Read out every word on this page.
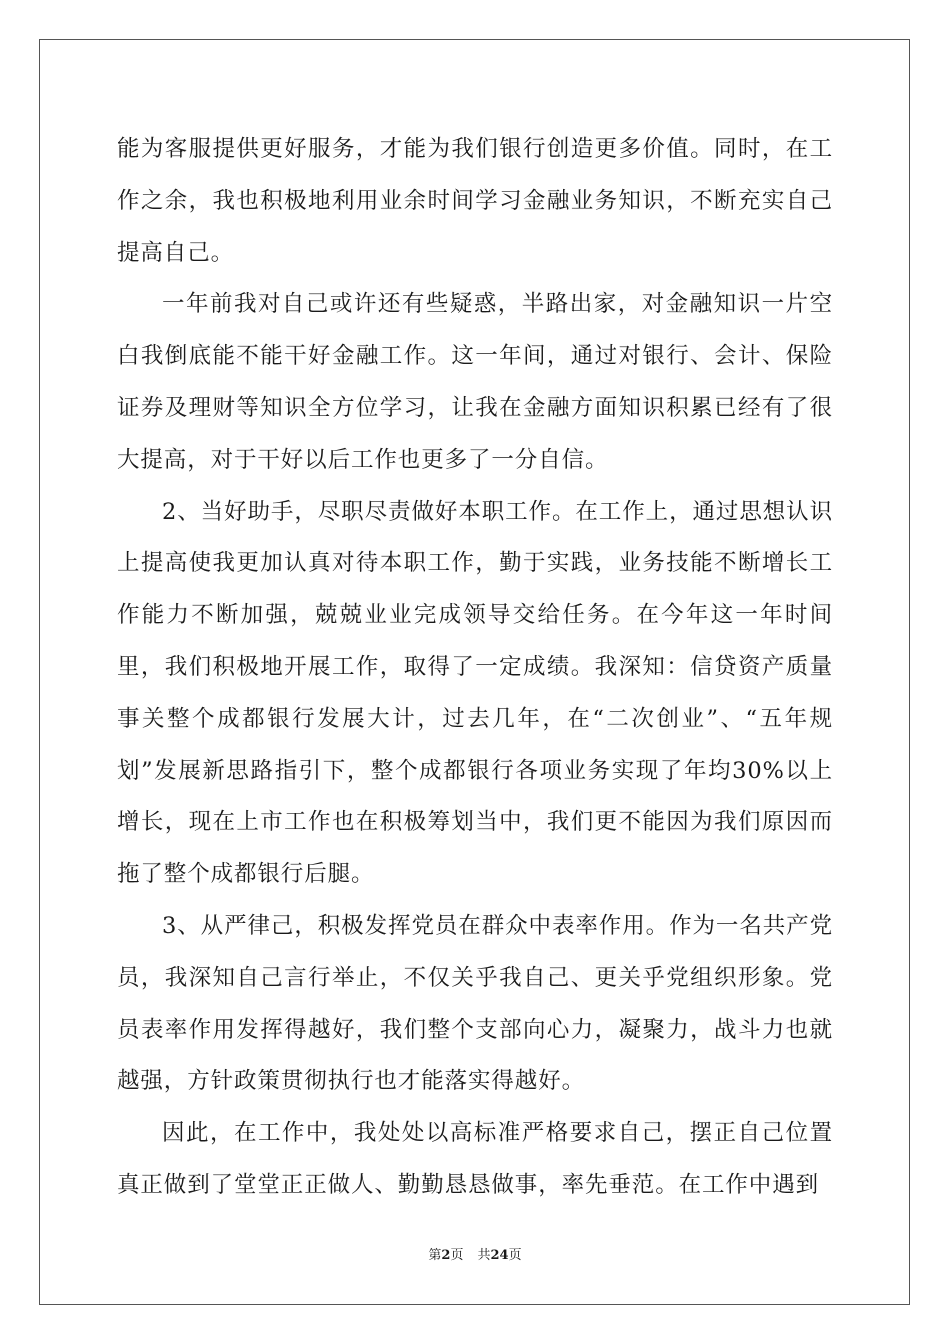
能为客服提供更好服务，才能为我们银行创造更多价值。同时，在工作之余，我也积极地利用业余时间学习金融业务知识，不断充实自己提高自己。

一年前我对自己或许还有些疑惑，半路出家，对金融知识一片空白我倒底能不能干好金融工作。这一年间，通过对银行、会计、保险证券及理财等知识全方位学习，让我在金融方面知识积累已经有了很大提高，对于干好以后工作也更多了一分自信。

2、当好助手，尽职尽责做好本职工作。在工作上，通过思想认识上提高使我更加认真对待本职工作，勤于实践，业务技能不断增长工作能力不断加强，兢兢业业完成领导交给任务。在今年这一年时间里，我们积极地开展工作，取得了一定成绩。我深知：信贷资产质量事关整个成都银行发展大计，过去几年，在“二次创业”、“五年规划”发展新思路指引下，整个成都银行各项业务实现了年均30%以上增长，现在上市工作也在积极筹划当中，我们更不能因为我们原因而拖了整个成都银行后腿。

3、从严律己，积极发挥党员在群众中表率作用。作为一名共产党员，我深知自己言行举止，不仅关乎我自己、更关乎党组织形象。党员表率作用发挥得越好，我们整个支部向心力，凝聚力，战斗力也就越强，方针政策贯彻执行也才能落实得越好。

因此，在工作中，我处处以高标准严格要求自己，摆正自己位置真正做到了堂堂正正做人、勤勤恳恳做事，率先垂范。在工作中遇到

第2页 共24页
